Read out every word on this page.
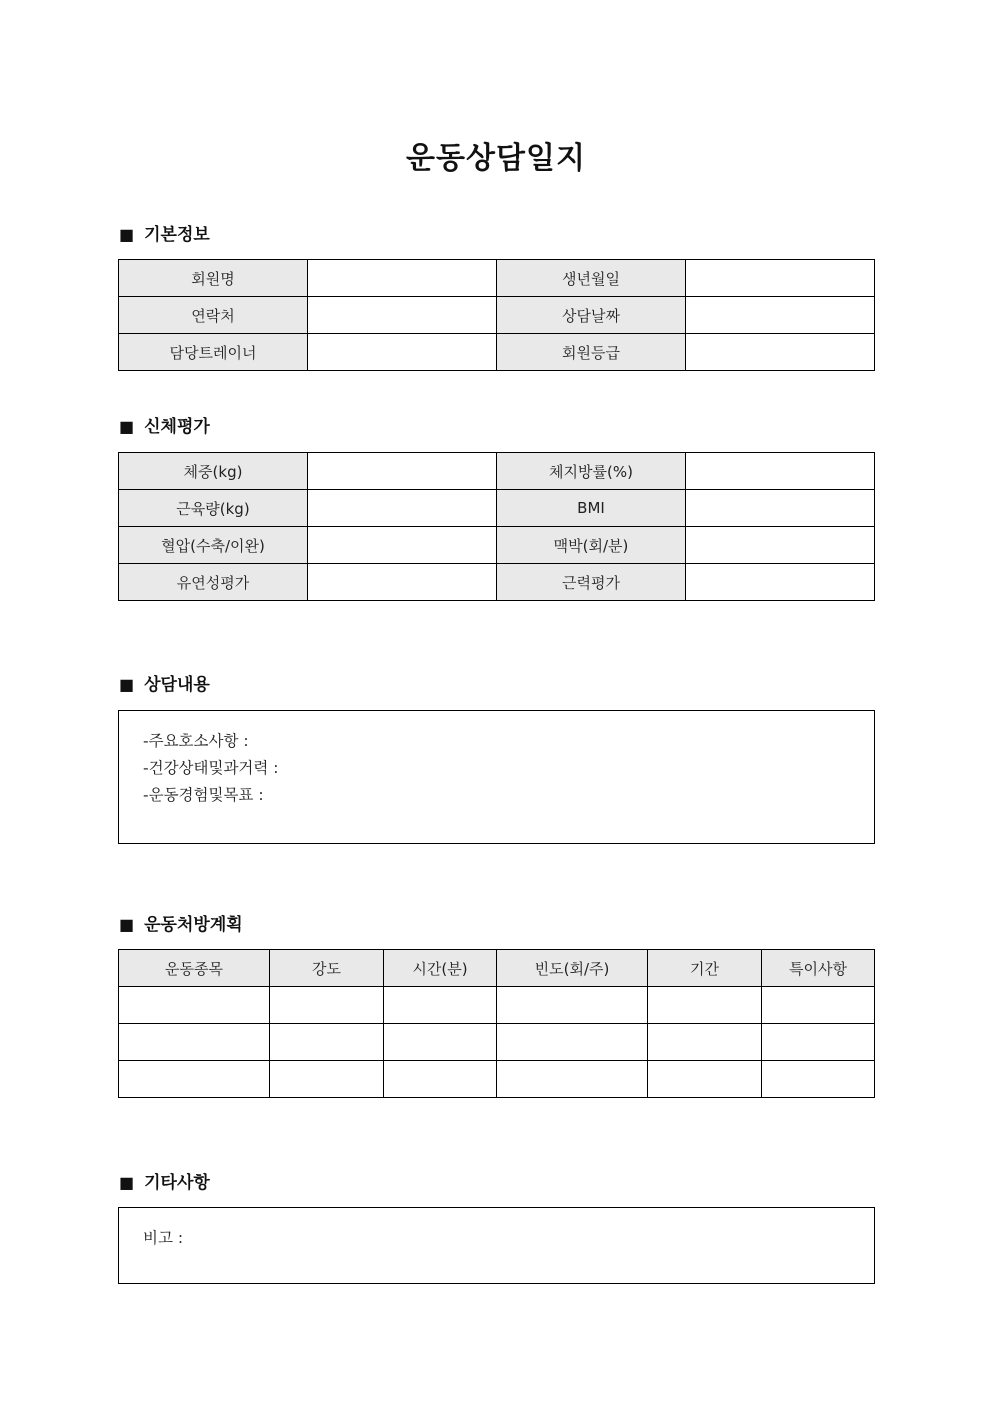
운동상담일지
■ 기본정보
회원명		생년월일	
연락처		상담날짜	
담당트레이너		회원등급	
■ 신체평가
체중(kg)		체지방률(%)	
근육량(kg)		BMI	
혈압(수축/이완)		맥박(회/분)	
유연성평가		근력평가	
■ 상담내용
-주요호소사항 :
-건강상태및과거력 :
-운동경험및목표 :
■ 운동처방계획
운동종목	강도	시간(분)	빈도(회/주)	기간	특이사항

■ 기타사항
비고 :
